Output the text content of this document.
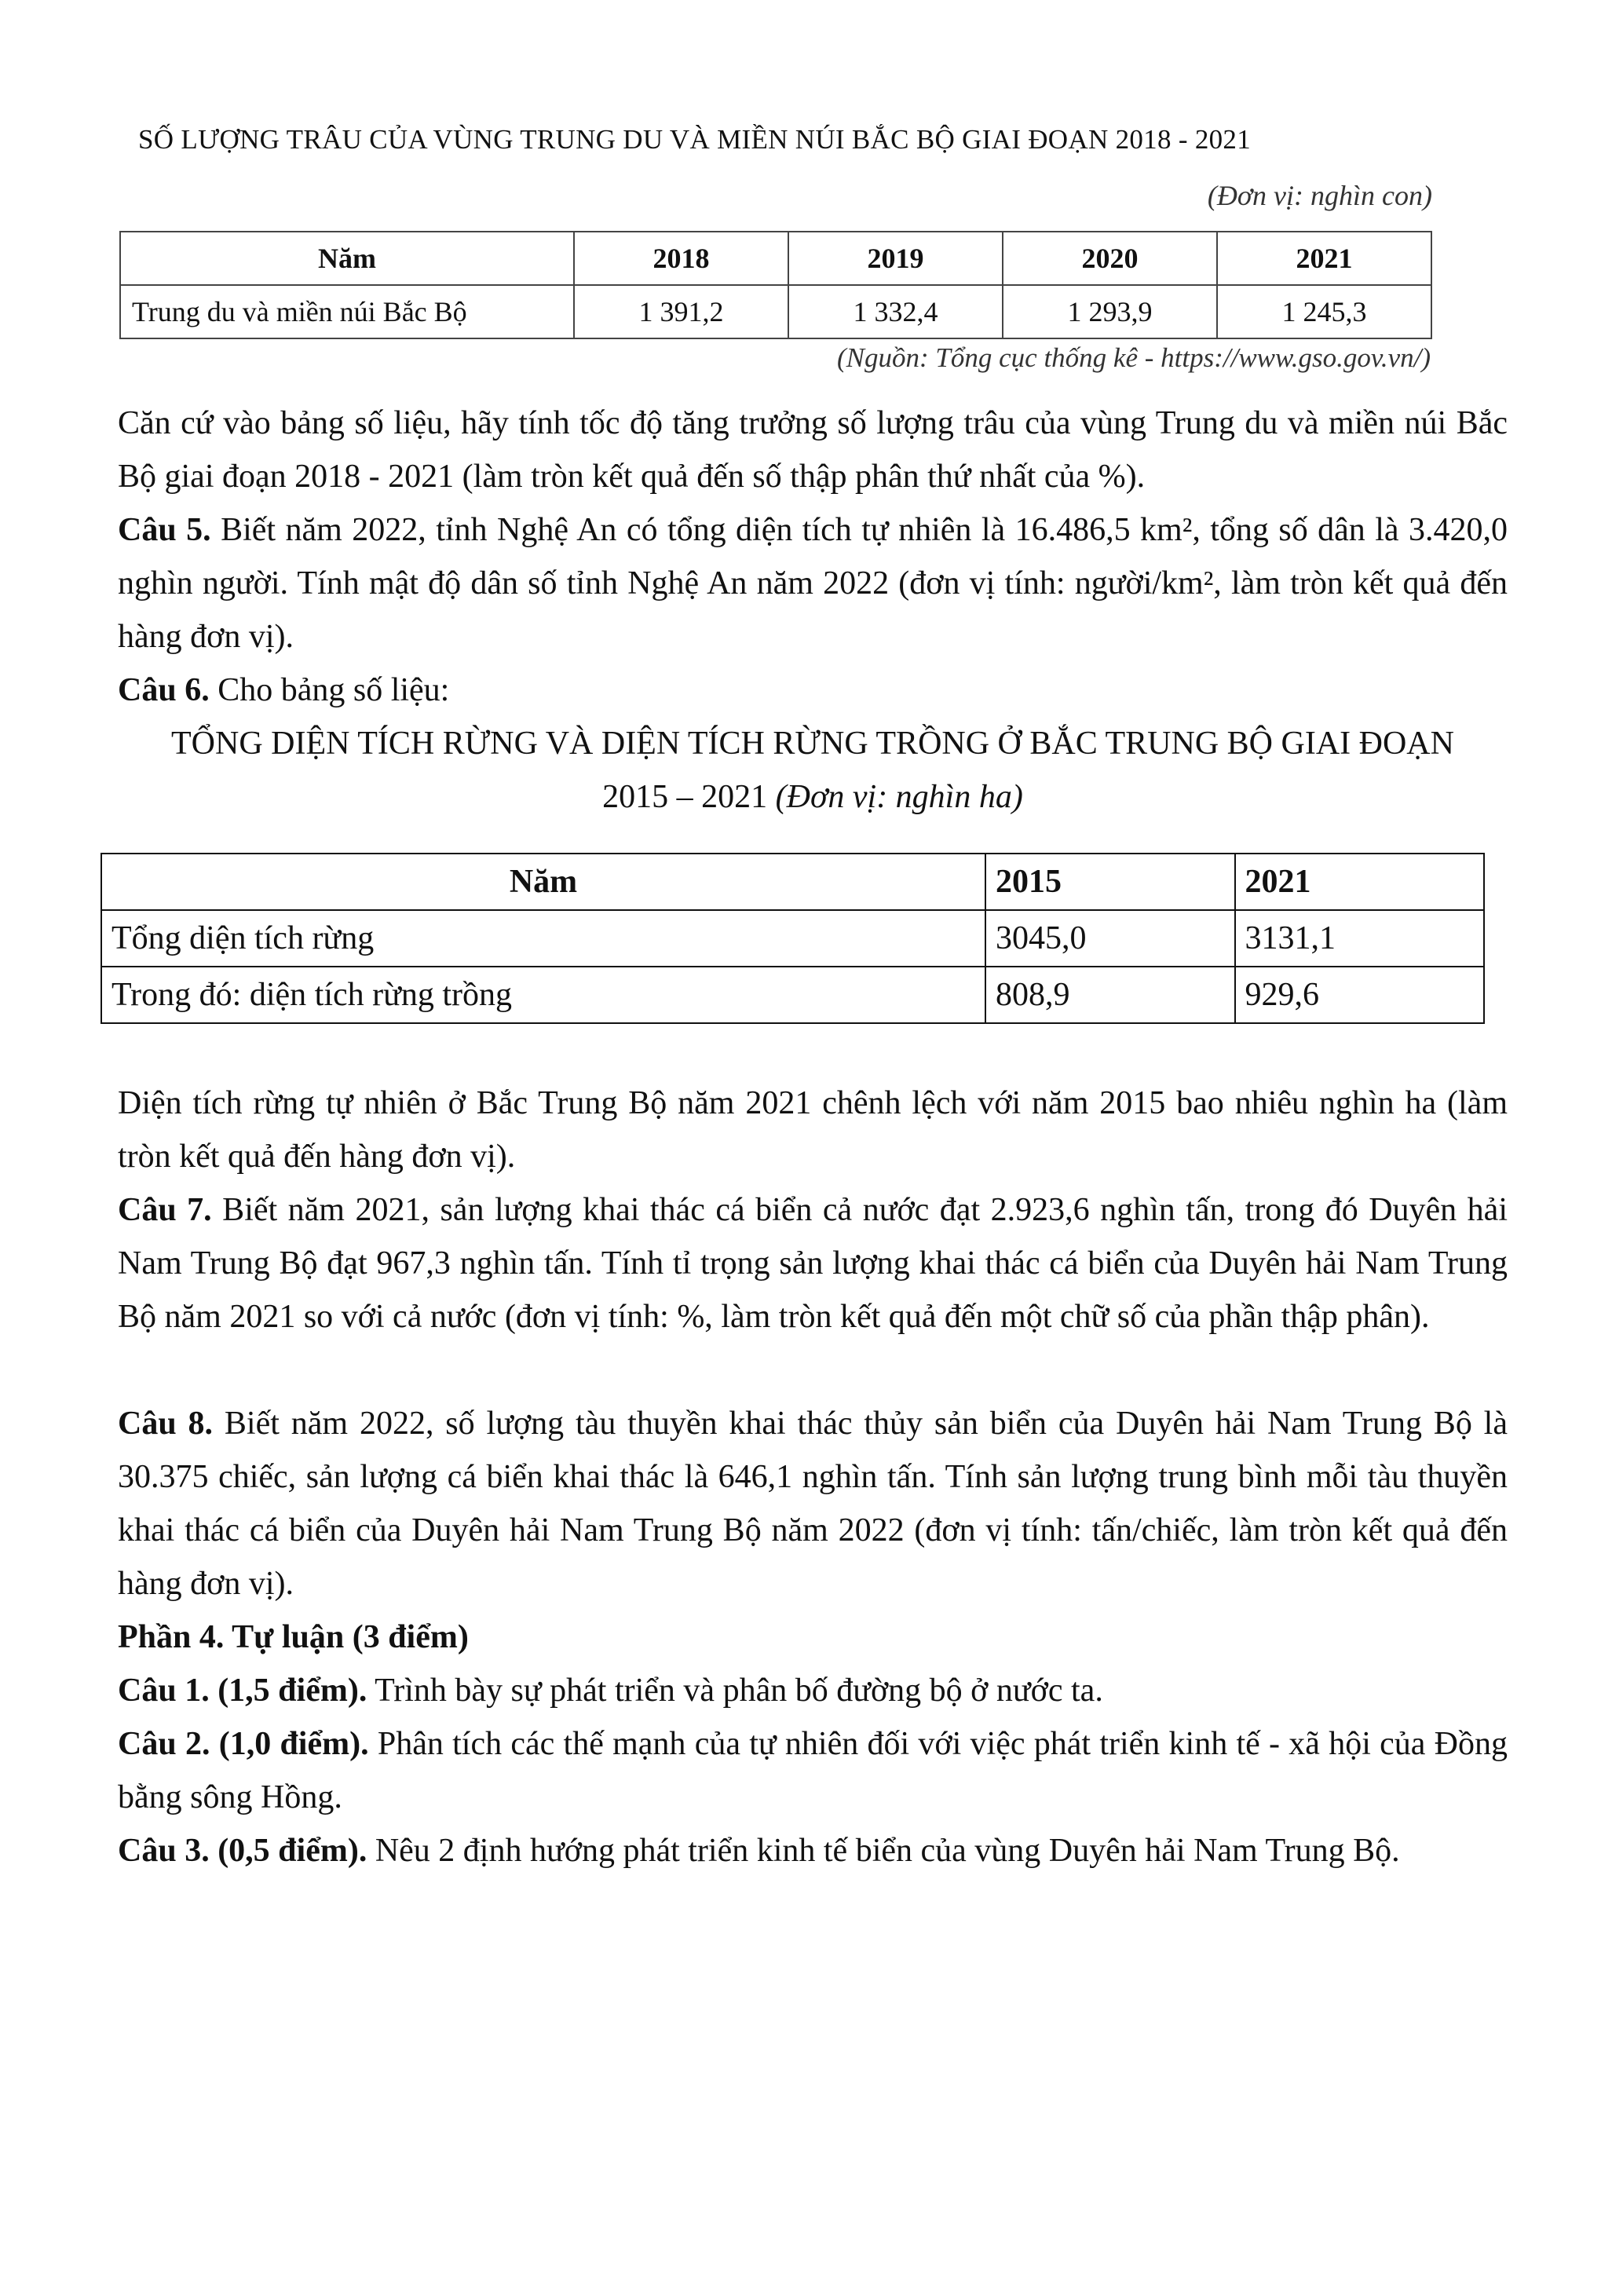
SỐ LƯỢNG TRÂU CỦA VÙNG TRUNG DU VÀ MIỀN NÚI BẮC BỘ GIAI ĐOẠN 2018 - 2021
(Đơn vị: nghìn con)
Năm	2018	2019	2020	2021
Trung du và miền núi Bắc Bộ	1 391,2	1 332,4	1 293,9	1 245,3
(Nguồn: Tổng cục thống kê - https://www.gso.gov.vn/)
Căn cứ vào bảng số liệu, hãy tính tốc độ tăng trưởng số lượng trâu của vùng Trung du và miền núi Bắc Bộ giai đoạn 2018 - 2021 (làm tròn kết quả đến số thập phân thứ nhất của %).
Câu 5. Biết năm 2022, tỉnh Nghệ An có tổng diện tích tự nhiên là 16.486,5 km², tổng số dân là 3.420,0 nghìn người. Tính mật độ dân số tỉnh Nghệ An năm 2022 (đơn vị tính: người/km², làm tròn kết quả đến hàng đơn vị).
Câu 6. Cho bảng số liệu:
TỔNG DIỆN TÍCH RỪNG VÀ DIỆN TÍCH RỪNG TRỒNG Ở BẮC TRUNG BỘ GIAI ĐOẠN
2015 – 2021 (Đơn vị: nghìn ha)
Năm	2015	2021
Tổng diện tích rừng	3045,0	3131,1
Trong đó: diện tích rừng trồng	808,9	929,6
Diện tích rừng tự nhiên ở Bắc Trung Bộ năm 2021 chênh lệch với năm 2015 bao nhiêu nghìn ha (làm tròn kết quả đến hàng đơn vị).
Câu 7. Biết năm 2021, sản lượng khai thác cá biển cả nước đạt 2.923,6 nghìn tấn, trong đó Duyên hải Nam Trung Bộ đạt 967,3 nghìn tấn. Tính tỉ trọng sản lượng khai thác cá biển của Duyên hải Nam Trung Bộ năm 2021 so với cả nước (đơn vị tính: %, làm tròn kết quả đến một chữ số của phần thập phân).
Câu 8. Biết năm 2022, số lượng tàu thuyền khai thác thủy sản biển của Duyên hải Nam Trung Bộ là 30.375 chiếc, sản lượng cá biển khai thác là 646,1 nghìn tấn. Tính sản lượng trung bình mỗi tàu thuyền khai thác cá biển của Duyên hải Nam Trung Bộ năm 2022 (đơn vị tính: tấn/chiếc, làm tròn kết quả đến hàng đơn vị).
Phần 4. Tự luận (3 điểm)
Câu 1. (1,5 điểm). Trình bày sự phát triển và phân bố đường bộ ở nước ta.
Câu 2. (1,0 điểm). Phân tích các thế mạnh của tự nhiên đối với việc phát triển kinh tế - xã hội của Đồng bằng sông Hồng.
Câu 3. (0,5 điểm). Nêu 2 định hướng phát triển kinh tế biển của vùng Duyên hải Nam Trung Bộ.
